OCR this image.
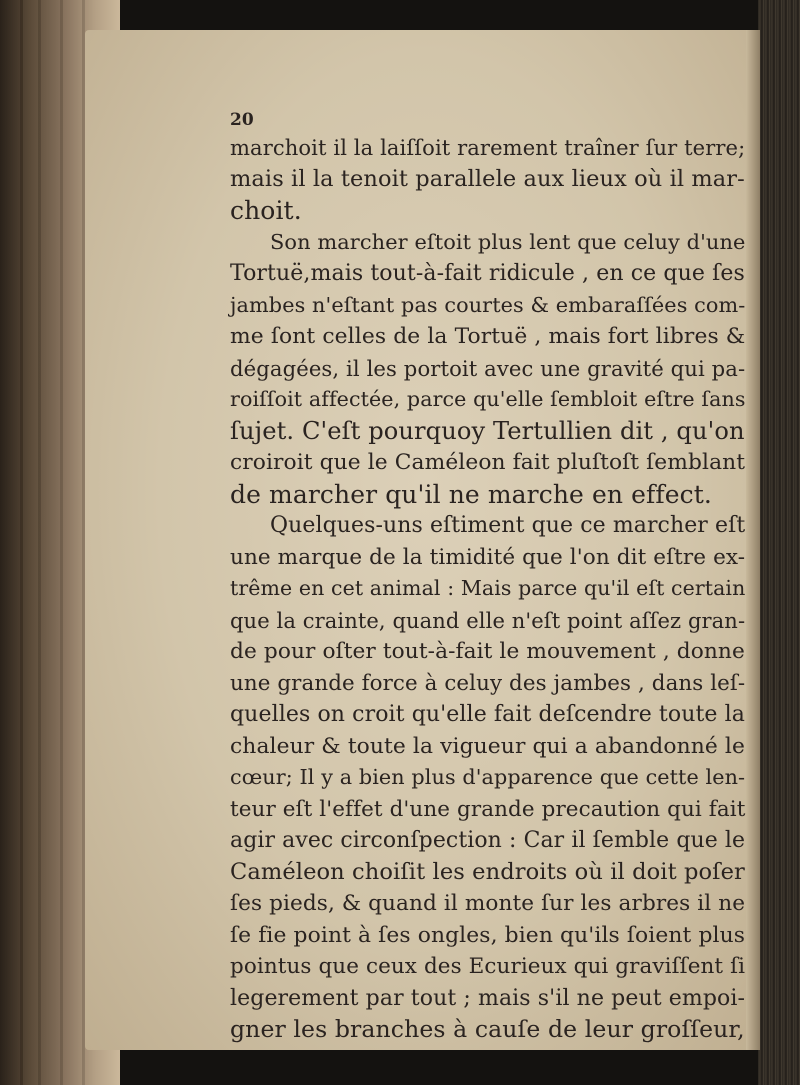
20
marchoit il la laiſſoit rarement traîner ſur terre;
mais il la tenoit parallele aux lieux où il mar-
choit.
Son marcher eſtoit plus lent que celuy d'une
Tortuë,mais tout-à-fait ridicule , en ce que ſes
jambes n'eſtant pas courtes & embaraſſées com-
me ſont celles de la Tortuë , mais fort libres &
dégagées, il les portoit avec une gravité qui pa-
roiſſoit affectée, parce qu'elle ſembloit eſtre ſans
ſujet. C'eſt pourquoy Tertullien dit , qu'on
croiroit que le Caméleon fait pluſtoſt ſemblant
de marcher qu'il ne marche en effect.
Quelques-uns eſtiment que ce marcher eſt
une marque de la timidité que l'on dit eſtre ex-
trême en cet animal : Mais parce qu'il eſt certain
que la crainte, quand elle n'eſt point aſſez gran-
de pour oſter tout-à-fait le mouvement , donne
une grande force à celuy des jambes , dans leſ-
quelles on croit qu'elle fait deſcendre toute la
chaleur & toute la vigueur qui a abandonné le
cœur; Il y a bien plus d'apparence que cette len-
teur eſt l'effet d'une grande precaution qui fait
agir avec circonſpection : Car il ſemble que le
Caméleon choiſit les endroits où il doit poſer
ſes pieds, & quand il monte ſur les arbres il ne
ſe fie point à ſes ongles, bien qu'ils ſoient plus
pointus que ceux des Ecurieux qui graviſſent ſi
legerement par tout ; mais s'il ne peut empoi-
gner les branches à cauſe de leur groſſeur,
